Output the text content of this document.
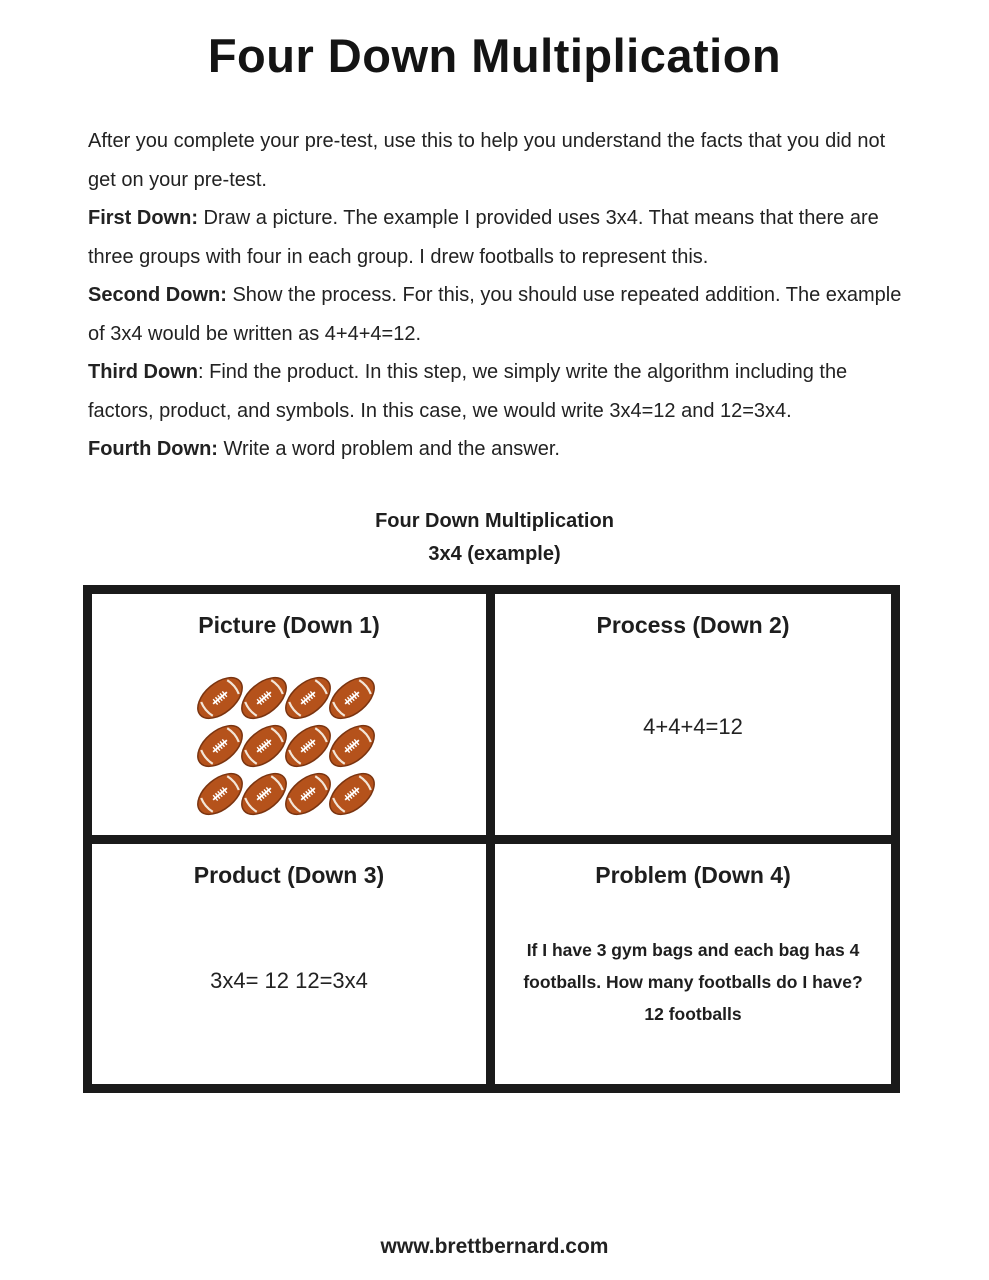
Four Down Multiplication

After you complete your pre-test, use this to help you understand the facts that you did not get on your pre-test.

First Down: Draw a picture. The example I provided uses 3x4. That means that there are three groups with four in each group. I drew footballs to represent this.

Second Down: Show the process. For this, you should use repeated addition. The example of 3x4 would be written as 4+4+4=12.

Third Down: Find the product. In this step, we simply write the algorithm including the factors, product, and symbols. In this case, we would write 3x4=12 and 12=3x4.

Fourth Down: Write a word problem and the answer.

Four Down Multiplication
3x4 (example)
Picture (Down 1)	Process (Down 2)
4+4+4=12
Product (Down 3)
3x4= 12 12=3x4
Problem (Down 4)
If I have 3 gym bags and each bag has 4
footballs. How many footballs do I have?
12 footballs
www.brettbernard.com
